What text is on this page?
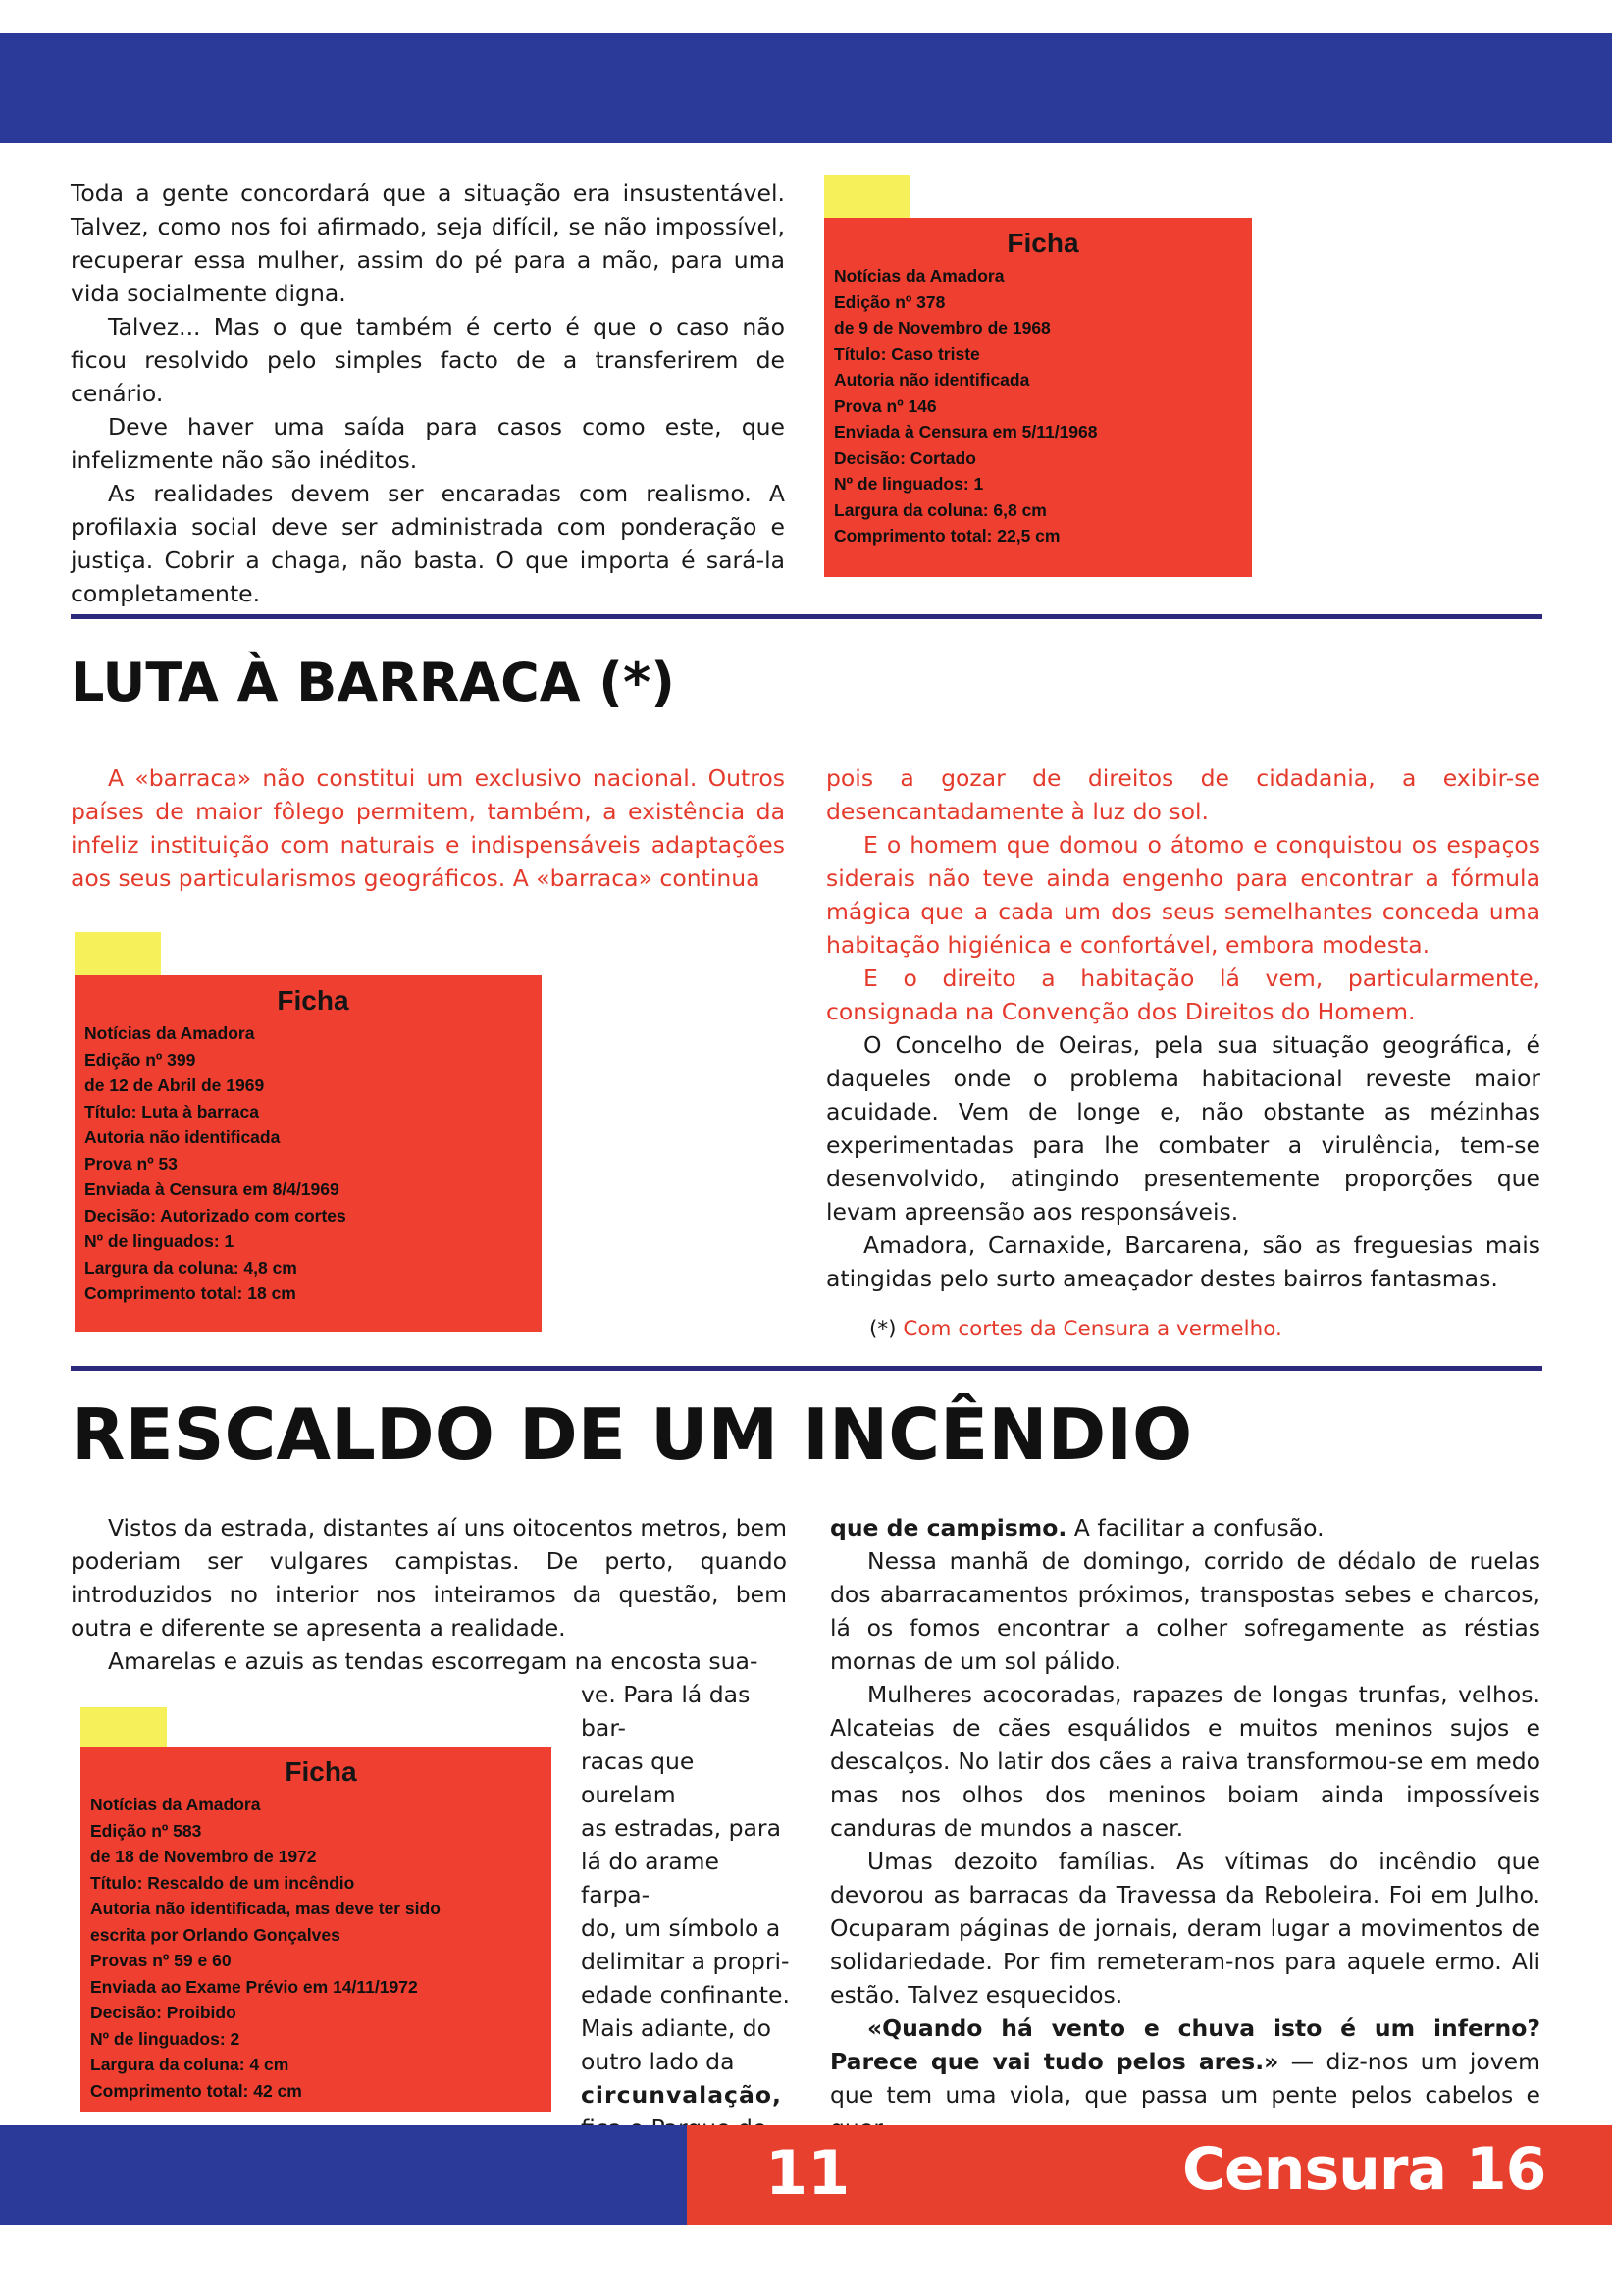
Toda a gente concordará que a situação era insustentável. Talvez, como nos foi afirmado, seja difícil, se não impossível, recuperar essa mulher, assim do pé para a mão, para uma vida socialmente digna.

Talvez... Mas o que também é certo é que o caso não ficou resolvido pelo simples facto de a transferirem de cenário.

Deve haver uma saída para casos como este, que infelizmente não são inéditos.

As realidades devem ser encaradas com realismo. A profilaxia social deve ser administrada com ponderação e justiça. Cobrir a chaga, não basta. O que importa é sará-la completamente.

Ficha
Notícias da Amadora
Edição nº 378
de 9 de Novembro de 1968
Título: Caso triste
Autoria não identificada
Prova nº 146
Enviada à Censura em 5/11/1968
Decisão: Cortado
Nº de linguados: 1
Largura da coluna: 6,8 cm
Comprimento total: 22,5 cm
LUTA À BARRACA (*)

A «barraca» não constitui um exclusivo nacional. Outros países de maior fôlego permitem, também, a existência da infeliz instituição com naturais e indispensáveis adaptações aos seus particularismos geográficos. A «barraca» continua

Ficha
Notícias da Amadora
Edição nº 399
de 12 de Abril de 1969
Título: Luta à barraca
Autoria não identificada
Prova nº 53
Enviada à Censura em 8/4/1969
Decisão: Autorizado com cortes
Nº de linguados: 1
Largura da coluna: 4,8 cm
Comprimento total: 18 cm

pois a gozar de direitos de cidadania, a exibir-se desencantadamente à luz do sol.

E o homem que domou o átomo e conquistou os espaços siderais não teve ainda engenho para encontrar a fórmula mágica que a cada um dos seus semelhantes conceda uma habitação higiénica e confortável, embora modesta.

E o direito a habitação lá vem, particularmente, consignada na Convenção dos Direitos do Homem.

O Concelho de Oeiras, pela sua situação geográfica, é daqueles onde o problema habitacional reveste maior acuidade. Vem de longe e, não obstante as mézinhas experimentadas para lhe combater a virulência, tem-se desenvolvido, atingindo presentemente proporções que levam apreensão aos responsáveis.

Amadora, Carnaxide, Barcarena, são as freguesias mais atingidas pelo surto ameaçador destes bairros fantasmas.

(*) Com cortes da Censura a vermelho.
RESCALDO DE UM INCÊNDIO

Vistos da estrada, distantes aí uns oitocentos metros, bem poderiam ser vulgares campistas. De perto, quando introduzidos no interior nos inteiramos da questão, bem outra e diferente se apresenta a realidade.

Amarelas e azuis as tendas escorregam na encosta sua-

ve. Para lá das bar-

racas que ourelam

as estradas, para

lá do arame farpa-

do, um símbolo a

delimitar a propri-

edade confinante.

Mais adiante, do

outro lado da

circunvalação,

Ficha
Notícias da Amadora
Edição nº 583
de 18 de Novembro de 1972
Título: Rescaldo de um incêndio
Autoria não identificada, mas deve ter sido
escrita por Orlando Gonçalves
Provas nº 59 e 60
Enviada ao Exame Prévio em 14/11/1972
Decisão: Proibido
Nº de linguados: 2
Largura da coluna: 4 cm
Comprimento total: 42 cm

que de campismo. A facilitar a confusão.

Nessa manhã de domingo, corrido de dédalo de ruelas dos abarracamentos próximos, transpostas sebes e charcos, lá os fomos encontrar a colher sofregamente as réstias mornas de um sol pálido.

Mulheres acocoradas, rapazes de longas trunfas, velhos. Alcateias de cães esquálidos e muitos meninos sujos e descalços. No latir dos cães a raiva transformou-se em medo mas nos olhos dos meninos boiam ainda impossíveis canduras de mundos a nascer.

Umas dezoito famílias. As vítimas do incêndio que devorou as barracas da Travessa da Reboleira. Foi em Julho. Ocuparam páginas de jornais, deram lugar a movimentos de solidariedade. Por fim remeteram-nos para aquele ermo. Ali estão. Talvez esquecidos.

«Quando há vento e chuva isto é um inferno? Parece que vai tudo pelos ares.» — diz-nos um jovem que tem uma viola, que passa um pente pelos cabelos e

11	Censura 16
